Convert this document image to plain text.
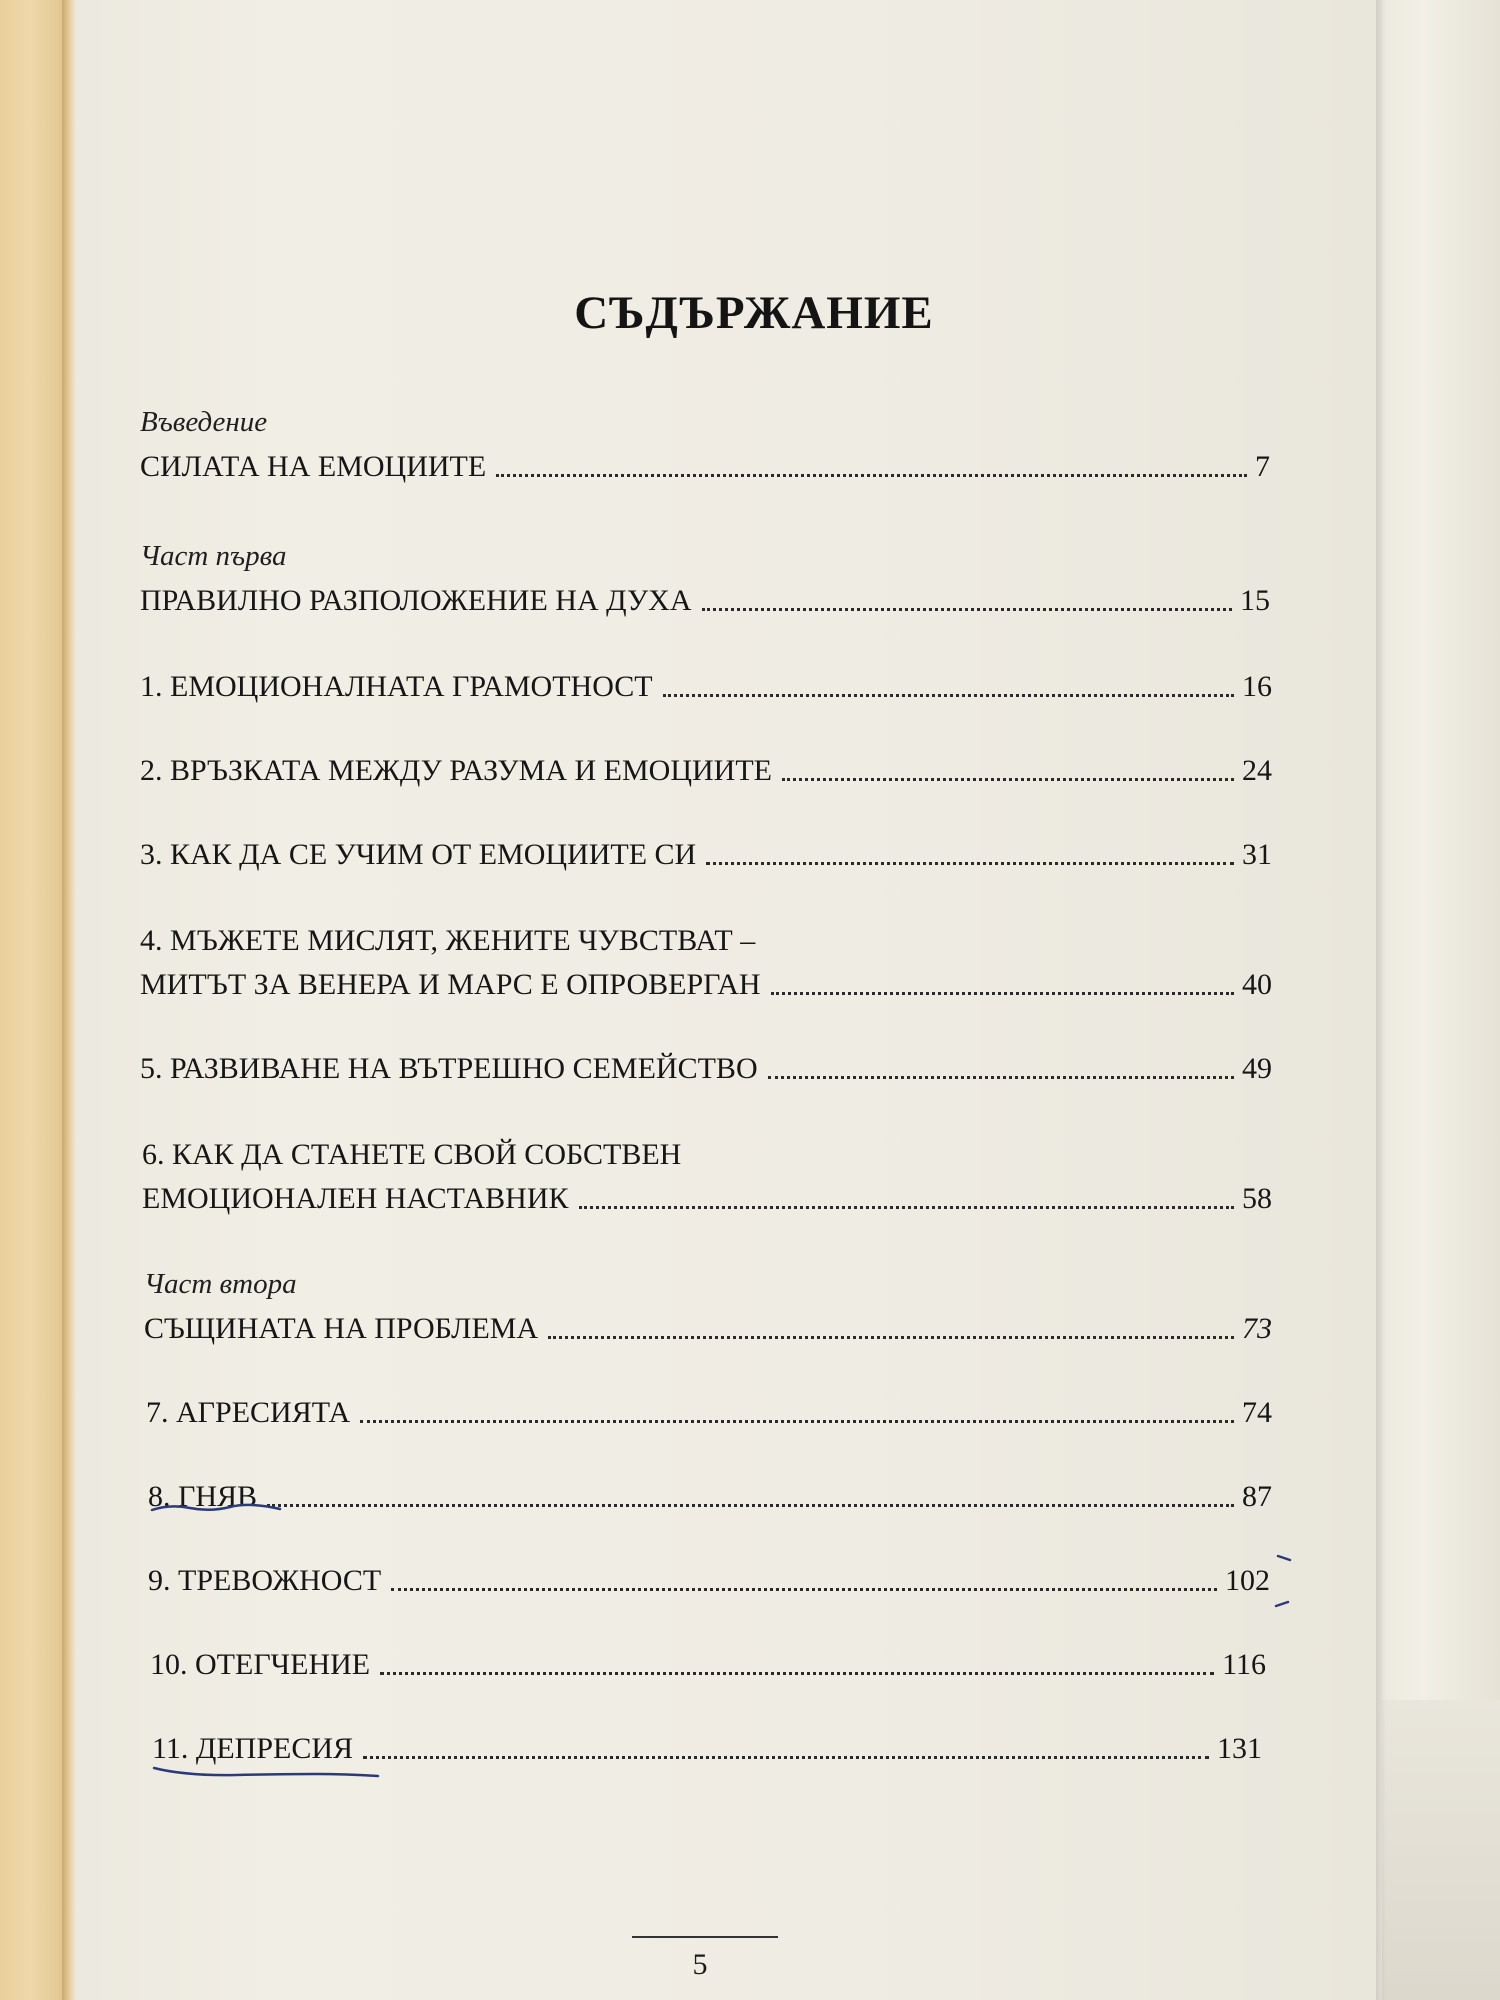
СЪДЪРЖАНИЕ
Въведение
СИЛАТА НА ЕМОЦИИТЕ	7
Част първа
ПРАВИЛНО РАЗПОЛОЖЕНИЕ НА ДУХА	15
1. ЕМОЦИОНАЛНАТА ГРАМОТНОСТ	16
2. ВРЪЗКАТА МЕЖДУ РАЗУМА И ЕМОЦИИТЕ	24
3. КАК ДА СЕ УЧИМ ОТ ЕМОЦИИТЕ СИ	31
4. МЪЖЕТЕ МИСЛЯТ, ЖЕНИТЕ ЧУВСТВАТ –
МИТЪТ ЗА ВЕНЕРА И МАРС Е ОПРОВЕРГАН	40
5. РАЗВИВАНЕ НА ВЪТРЕШНО СЕМЕЙСТВО	49
6. КАК ДА СТАНЕТЕ СВОЙ СОБСТВЕН
ЕМОЦИОНАЛЕН НАСТАВНИК	58
Част втора
СЪЩИНАТА НА ПРОБЛЕМА	73
7. АГРЕСИЯТА	74
8. ГНЯВ	87
9. ТРЕВОЖНОСТ	102
10. ОТЕГЧЕНИЕ	116
11. ДЕПРЕСИЯ	131
5
